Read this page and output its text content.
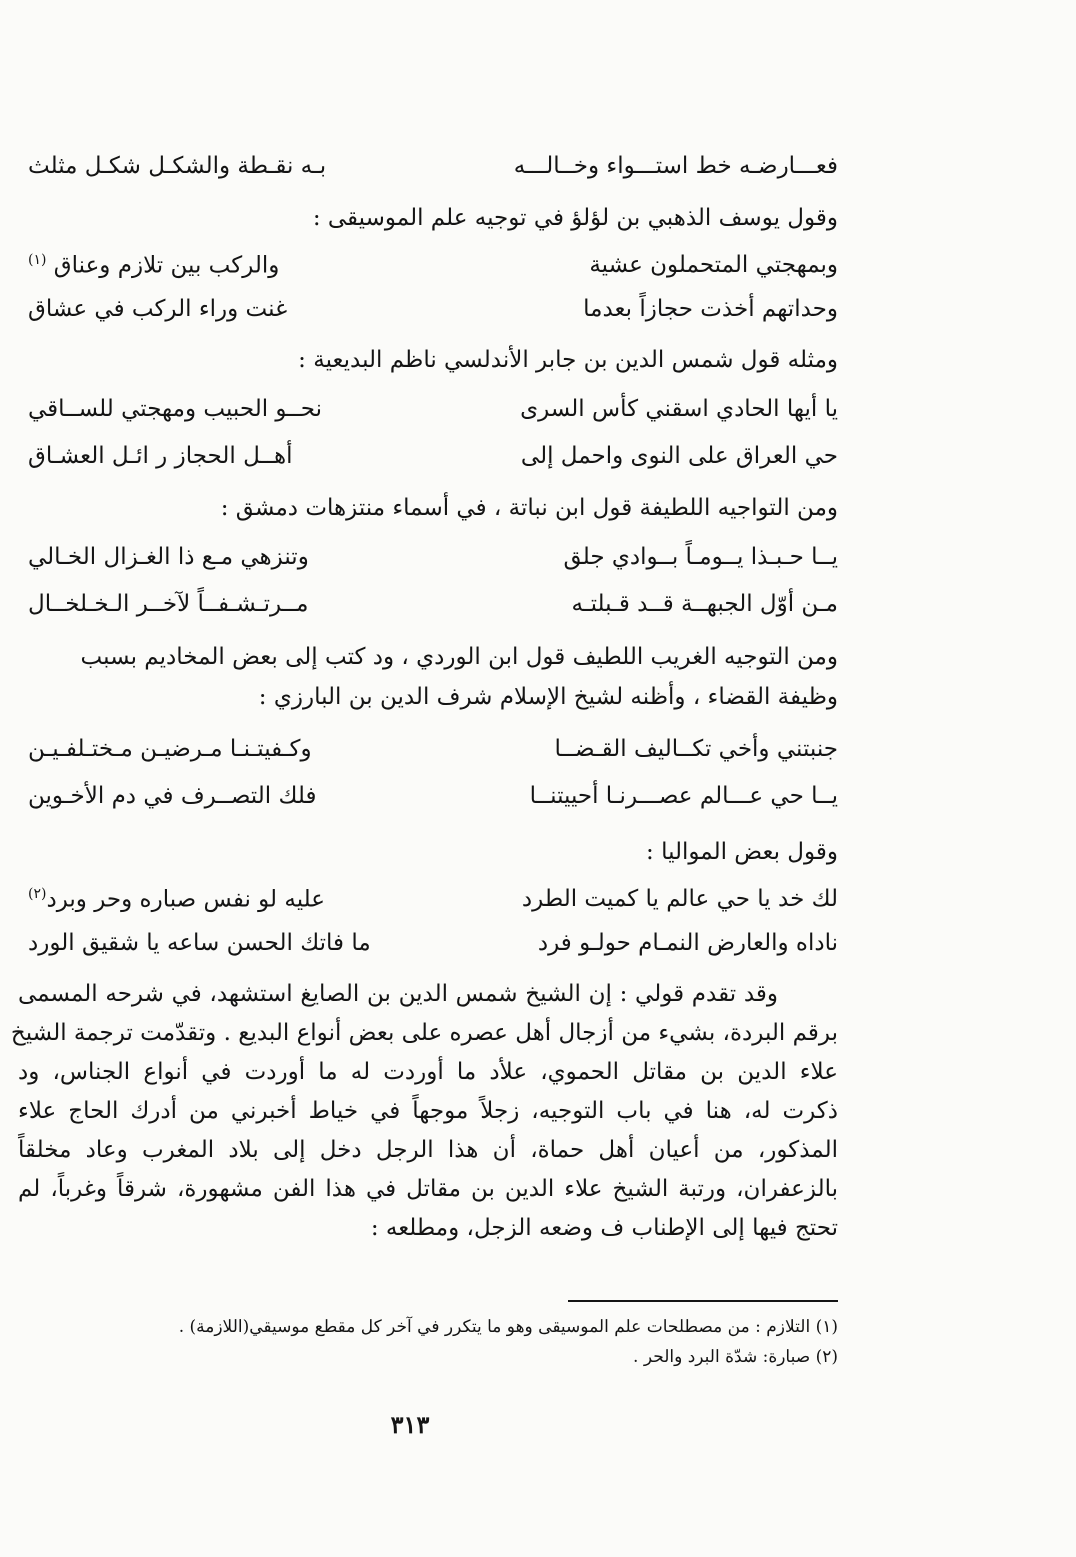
فعـــارضـه خط استـــواء وخــالـــه
بـه نقـطة والشكـل شكـل مثلث
وقول يوسف الذهبي بن لؤلؤ في توجيه علم الموسيقى :
وبمهجتي المتحملون عشية
والركب بين تلازم وعناق $^{(١)}$
وحداتهم أخذت حجازاً بعدما
غنت وراء الركب في عشاق
ومثله قول شمس الدين بن جابر الأندلسي ناظم البديعية :
يا أيها الحادي اسقني كأس السرى
نحــو الحبيب ومهجتي للســاقي
حي العراق على النوى واحمل إلى
أهــل الحجاز ر ائـل العشـاق
ومن التواجيه اللطيفة قول ابن نباتة ، في أسماء منتزهات دمشق :
يــا حـبـذا يــومـاً بــوادي جلق
وتنزهي مـع ذا الغـزال الخـالي
مـن أوّل الجبهــة قــد قـبلتـه
مــرتـشـفــاً لآخــر الـخـلخــال
ومن التوجيه الغريب اللطيف قول ابن الوردي ، ود كتب إلى بعض المخاديم بسبب
وظيفة القضاء ، وأظنه لشيخ الإسلام شرف الدين بن البارزي :
جنبتني وأخي تكــاليف القـضــا
وكـفيتـنـا مـرضيـن مـختـلفـيـن
يــا حي عـــالم عصـــرنـا أحييتنــا
فلك التصــرف في دم الأخـوين
وقول بعض المواليا :
لك خد يا حي عالم يا كميت الطرد
عليه لو نفس صباره وحر وبرد$^{(٢)}$
ناداه والعارض النمـام حولـو فرد
ما فاتك الحسن ساعه يا شقيق الورد
وقد تقدم قولي : إن الشيخ شمس الدين بن الصايغ استشهد، في شرحه المسمى
برقم البردة، بشيء من أزجال أهل عصره على بعض أنواع البديع . وتقدّمت ترجمة الشيخ
علاء الدين بن مقاتل الحموي، علأد ما أوردت له ما أوردت في أنواع الجناس، ود
ذكرت له، هنا في باب التوجيه، زجلاً موجهاً في خياط أخبرني من أدرك الحاج علاء
المذكور، من أعيان أهل حماة، أن هذا الرجل دخل إلى بلاد المغرب وعاد مخلقاً
بالزعفران، ورتبة الشيخ علاء الدين بن مقاتل في هذا الفن مشهورة، شرقاً وغرباً، لم
تحتج فيها إلى الإطناب ف وضعه الزجل، ومطلعه :
(١) التلازم : من مصطلحات علم الموسيقى وهو ما يتكرر في آخر كل مقطع موسيقي(اللازمة) .
(٢) صبارة: شدّة البرد والحر .
٣١٣
